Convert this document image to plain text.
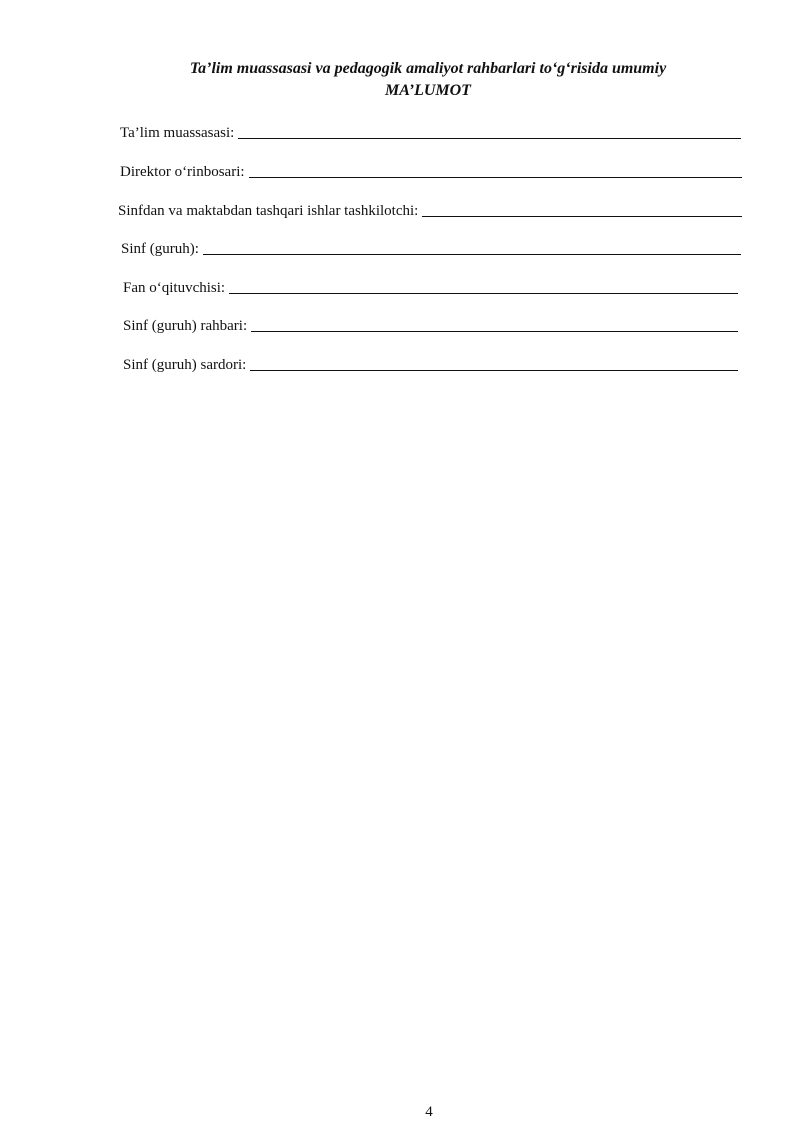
Ta’lim muassasasi va pedagogik amaliyot rahbarlari to‘g‘risida umumiy
MA’LUMOT
Ta’lim muassasasi:
Direktor o‘rinbosari:
Sinfdan va maktabdan tashqari ishlar tashkilotchi:
Sinf (guruh):
Fan o‘qituvchisi:
Sinf (guruh) rahbari:
Sinf (guruh) sardori:
4
